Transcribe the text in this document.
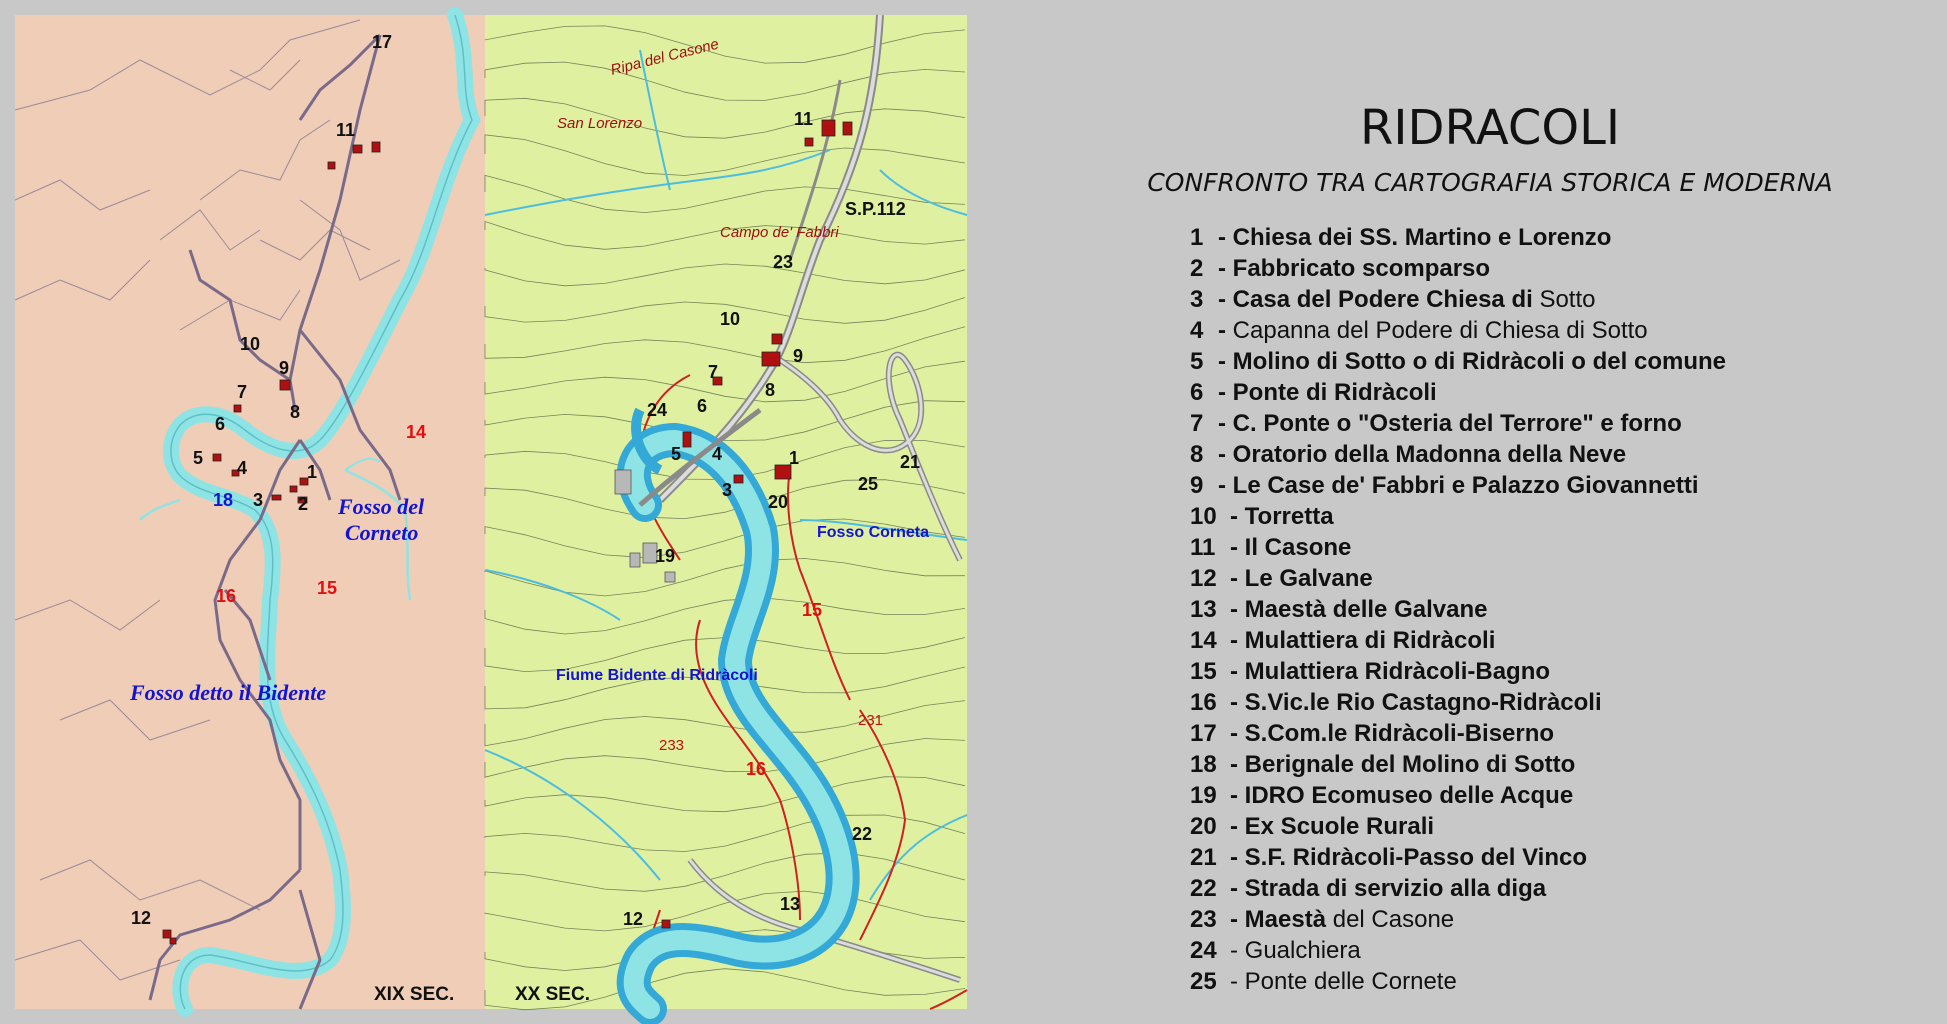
17
11
10
9
7
8
6
5 4	1
3 2
12
14
16	15
18	Fosso del
Corneto
Fosso detto il Bidente
XIX SEC.
Ripa del Casone
San Lorenzo
Campo de' Fabbri
11
S.P.112
23
10
9
7
8
24 6
5 4	1
3
20
25
21
19
22
13
12
15
16
233
231
Fosso Corneta
Fiume Bidente di Ridràcoli
XX SEC.
RIDRACOLI
CONFRONTO TRA CARTOGRAFIA STORICA E MODERNA
1 - Chiesa dei SS. Martino e Lorenzo
2 - Fabbricato scomparso
3 - Casa del Podere Chiesa di Sotto
4 - Capanna del Podere di Chiesa di Sotto
5 - Molino di Sotto o di Ridràcoli o del comune
6 - Ponte di Ridràcoli
7 - C. Ponte o "Osteria del Terrore" e forno
8 - Oratorio della Madonna della Neve
9 - Le Case de' Fabbri e Palazzo Giovannetti
10 - Torretta
11 - Il Casone
12 - Le Galvane
13 - Maestà delle Galvane
14 - Mulattiera di Ridràcoli
15 - Mulattiera Ridràcoli-Bagno
16 - S.Vic.le Rio Castagno-Ridràcoli
17 - S.Com.le Ridràcoli-Biserno
18 - Berignale del Molino di Sotto
19 - IDRO Ecomuseo delle Acque
20 - Ex Scuole Rurali
21 - S.F. Ridràcoli-Passo del Vinco
22 - Strada di servizio alla diga
23 - Maestà del Casone
24 - Gualchiera
25 - Ponte delle Cornete
